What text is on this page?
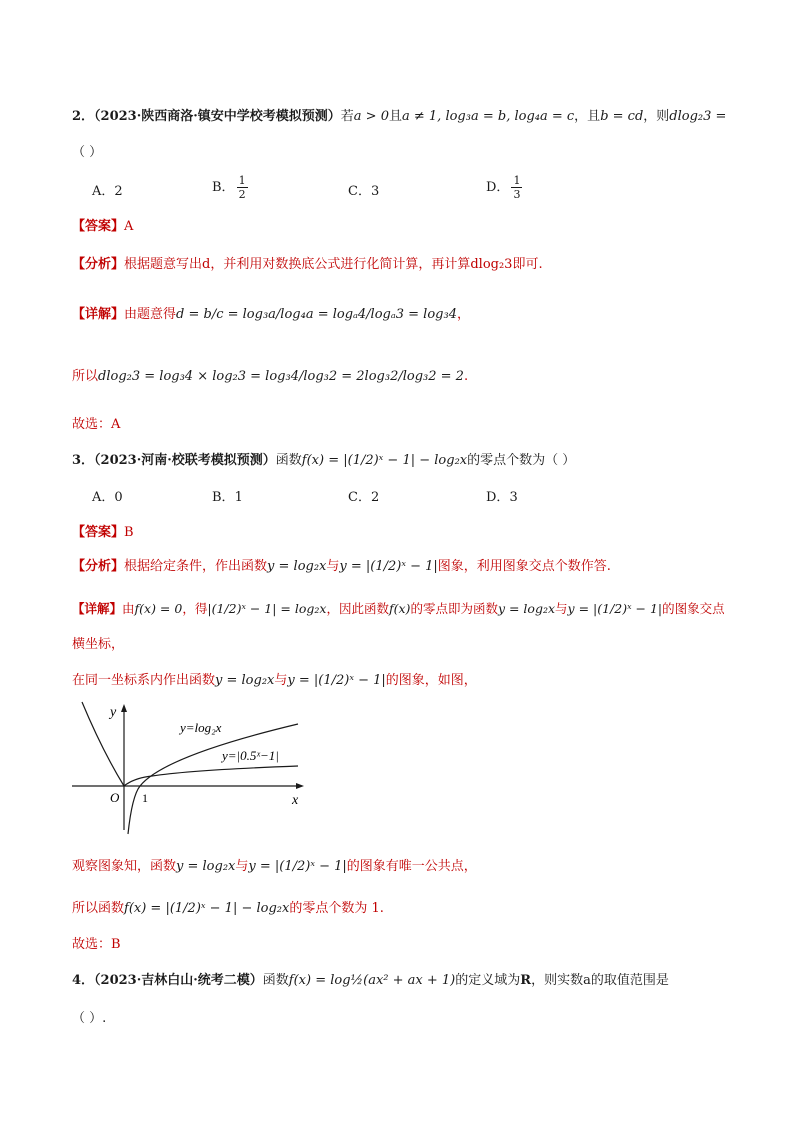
2．（2023·陕西商洛·镇安中学校考模拟预测）若a > 0且a ≠ 1, log₃a = b, log₄a = c，且b = cd，则dlog₂3 =
（ ）
A．2	B． $\frac{1}{2}$	C．3	D． $\frac{1}{3}$
【答案】A
【分析】根据题意写出d，并利用对数换底公式进行化简计算，再计算dlog₂3即可.
【详解】由题意得d = b/c = log₃a/log₄a = logₐ4/logₐ3 = log₃4，
所以dlog₂3 = log₃4 × log₂3 = log₃4/log₃2 = 2log₃2/log₃2 = 2.
故选：A
3．（2023·河南·校联考模拟预测）函数f(x) = |(1/2)ˣ − 1| − log₂x的零点个数为（ ）
A．0	B．1	C．2	D．3
【答案】B
【分析】根据给定条件，作出函数y = log₂x与y = |(1/2)ˣ − 1|图象，利用图象交点个数作答.
【详解】由f(x) = 0，得|(1/2)ˣ − 1| = log₂x，因此函数f(x)的零点即为函数y = log₂x与y = |(1/2)ˣ − 1|的图象交点
横坐标，
在同一坐标系内作出函数y = log₂x与y = |(1/2)ˣ − 1|的图象，如图，
y
x
O 1
y=log₂x
y=|0.5ˣ−1|
观察图象知，函数y = log₂x与y = |(1/2)ˣ − 1|的图象有唯一公共点，
所以函数f(x) = |(1/2)ˣ − 1| − log₂x的零点个数为 1.
故选：B
4．（2023·吉林白山·统考二模）函数f(x) = log½(ax² + ax + 1)的定义域为R，则实数a的取值范围是
（ ）.
